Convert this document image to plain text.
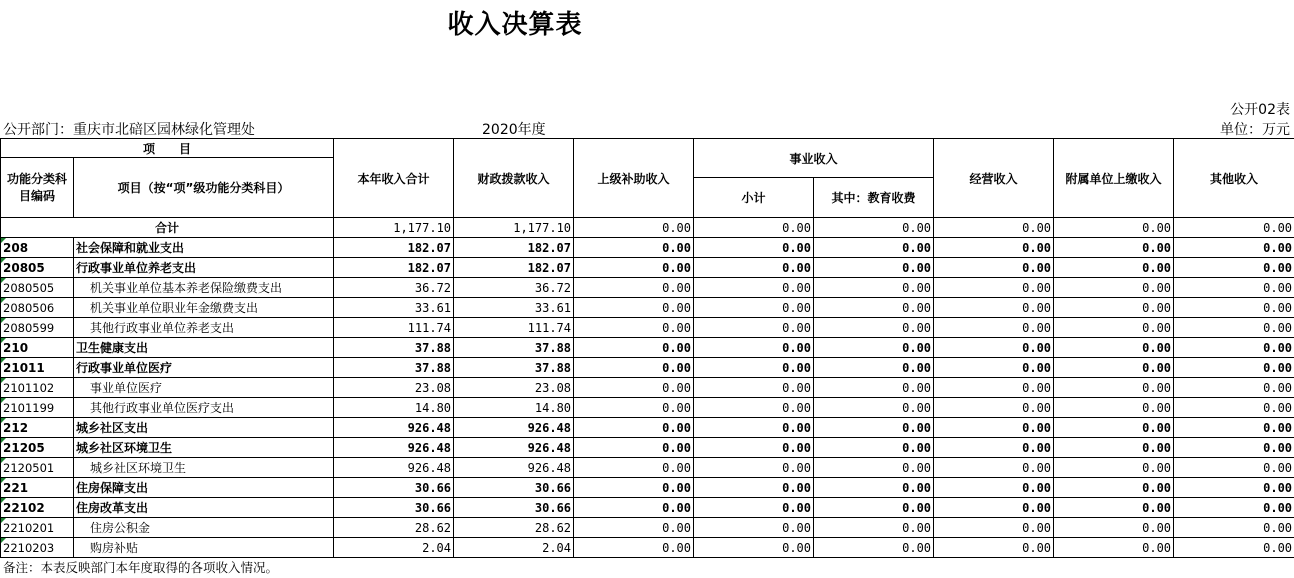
收入决算表
公开02表
公开部门：重庆市北碚区园林绿化管理处	2020年度	单位：万元
项　　目		本年收入合计	财政拨款收入	上级补助收入	事业收入		经营收入	附属单位上缴收入	其他收入
功能分类科目编码	项目（按“项”级功能分类科目）								
					小计	其中：教育收费			
合计		1,177.10	1,177.10	0.00	0.00	0.00	0.00	0.00	0.00
208	社会保障和就业支出	182.07	182.07	0.00	0.00	0.00	0.00	0.00	0.00
20805	行政事业单位养老支出	182.07	182.07	0.00	0.00	0.00	0.00	0.00	0.00
2080505	机关事业单位基本养老保险缴费支出	36.72	36.72	0.00	0.00	0.00	0.00	0.00	0.00
2080506	机关事业单位职业年金缴费支出	33.61	33.61	0.00	0.00	0.00	0.00	0.00	0.00
2080599	其他行政事业单位养老支出	111.74	111.74	0.00	0.00	0.00	0.00	0.00	0.00
210	卫生健康支出	37.88	37.88	0.00	0.00	0.00	0.00	0.00	0.00
21011	行政事业单位医疗	37.88	37.88	0.00	0.00	0.00	0.00	0.00	0.00
2101102	事业单位医疗	23.08	23.08	0.00	0.00	0.00	0.00	0.00	0.00
2101199	其他行政事业单位医疗支出	14.80	14.80	0.00	0.00	0.00	0.00	0.00	0.00
212	城乡社区支出	926.48	926.48	0.00	0.00	0.00	0.00	0.00	0.00
21205	城乡社区环境卫生	926.48	926.48	0.00	0.00	0.00	0.00	0.00	0.00
2120501	城乡社区环境卫生	926.48	926.48	0.00	0.00	0.00	0.00	0.00	0.00
221	住房保障支出	30.66	30.66	0.00	0.00	0.00	0.00	0.00	0.00
22102	住房改革支出	30.66	30.66	0.00	0.00	0.00	0.00	0.00	0.00
2210201	住房公积金	28.62	28.62	0.00	0.00	0.00	0.00	0.00	0.00
2210203	购房补贴	2.04	2.04	0.00	0.00	0.00	0.00	0.00	0.00
备注：本表反映部门本年度取得的各项收入情况。
